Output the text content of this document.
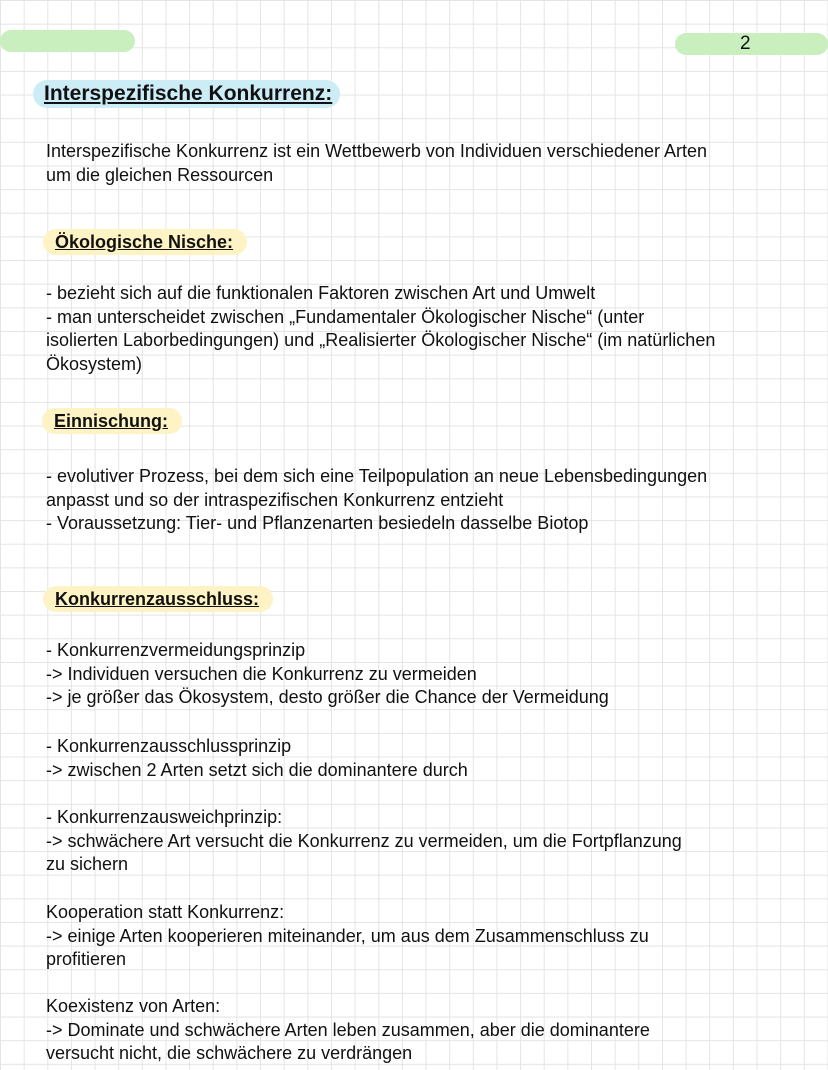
2
Interspezifische Konkurrenz:
Interspezifische Konkurrenz ist ein Wettbewerb von Individuen verschiedener Arten
um die gleichen Ressourcen
Ökologische Nische:
- bezieht sich auf die funktionalen Faktoren zwischen Art und Umwelt
- man unterscheidet zwischen „Fundamentaler Ökologischer Nische“ (unter
isolierten Laborbedingungen) und „Realisierter Ökologischer Nische“ (im natürlichen
Ökosystem)
Einnischung:
- evolutiver Prozess, bei dem sich eine Teilpopulation an neue Lebensbedingungen
anpasst und so der intraspezifischen Konkurrenz entzieht
- Voraussetzung: Tier- und Pflanzenarten besiedeln dasselbe Biotop
Konkurrenzausschluss:
- Konkurrenzvermeidungsprinzip
-> Individuen versuchen die Konkurrenz zu vermeiden
-> je größer das Ökosystem, desto größer die Chance der Vermeidung
- Konkurrenzausschlussprinzip
-> zwischen 2 Arten setzt sich die dominantere durch
- Konkurrenzausweichprinzip:
-> schwächere Art versucht die Konkurrenz zu vermeiden, um die Fortpflanzung
zu sichern
Kooperation statt Konkurrenz:
-> einige Arten kooperieren miteinander, um aus dem Zusammenschluss zu
profitieren
Koexistenz von Arten:
-> Dominate und schwächere Arten leben zusammen, aber die dominantere
versucht nicht, die schwächere zu verdrängen
